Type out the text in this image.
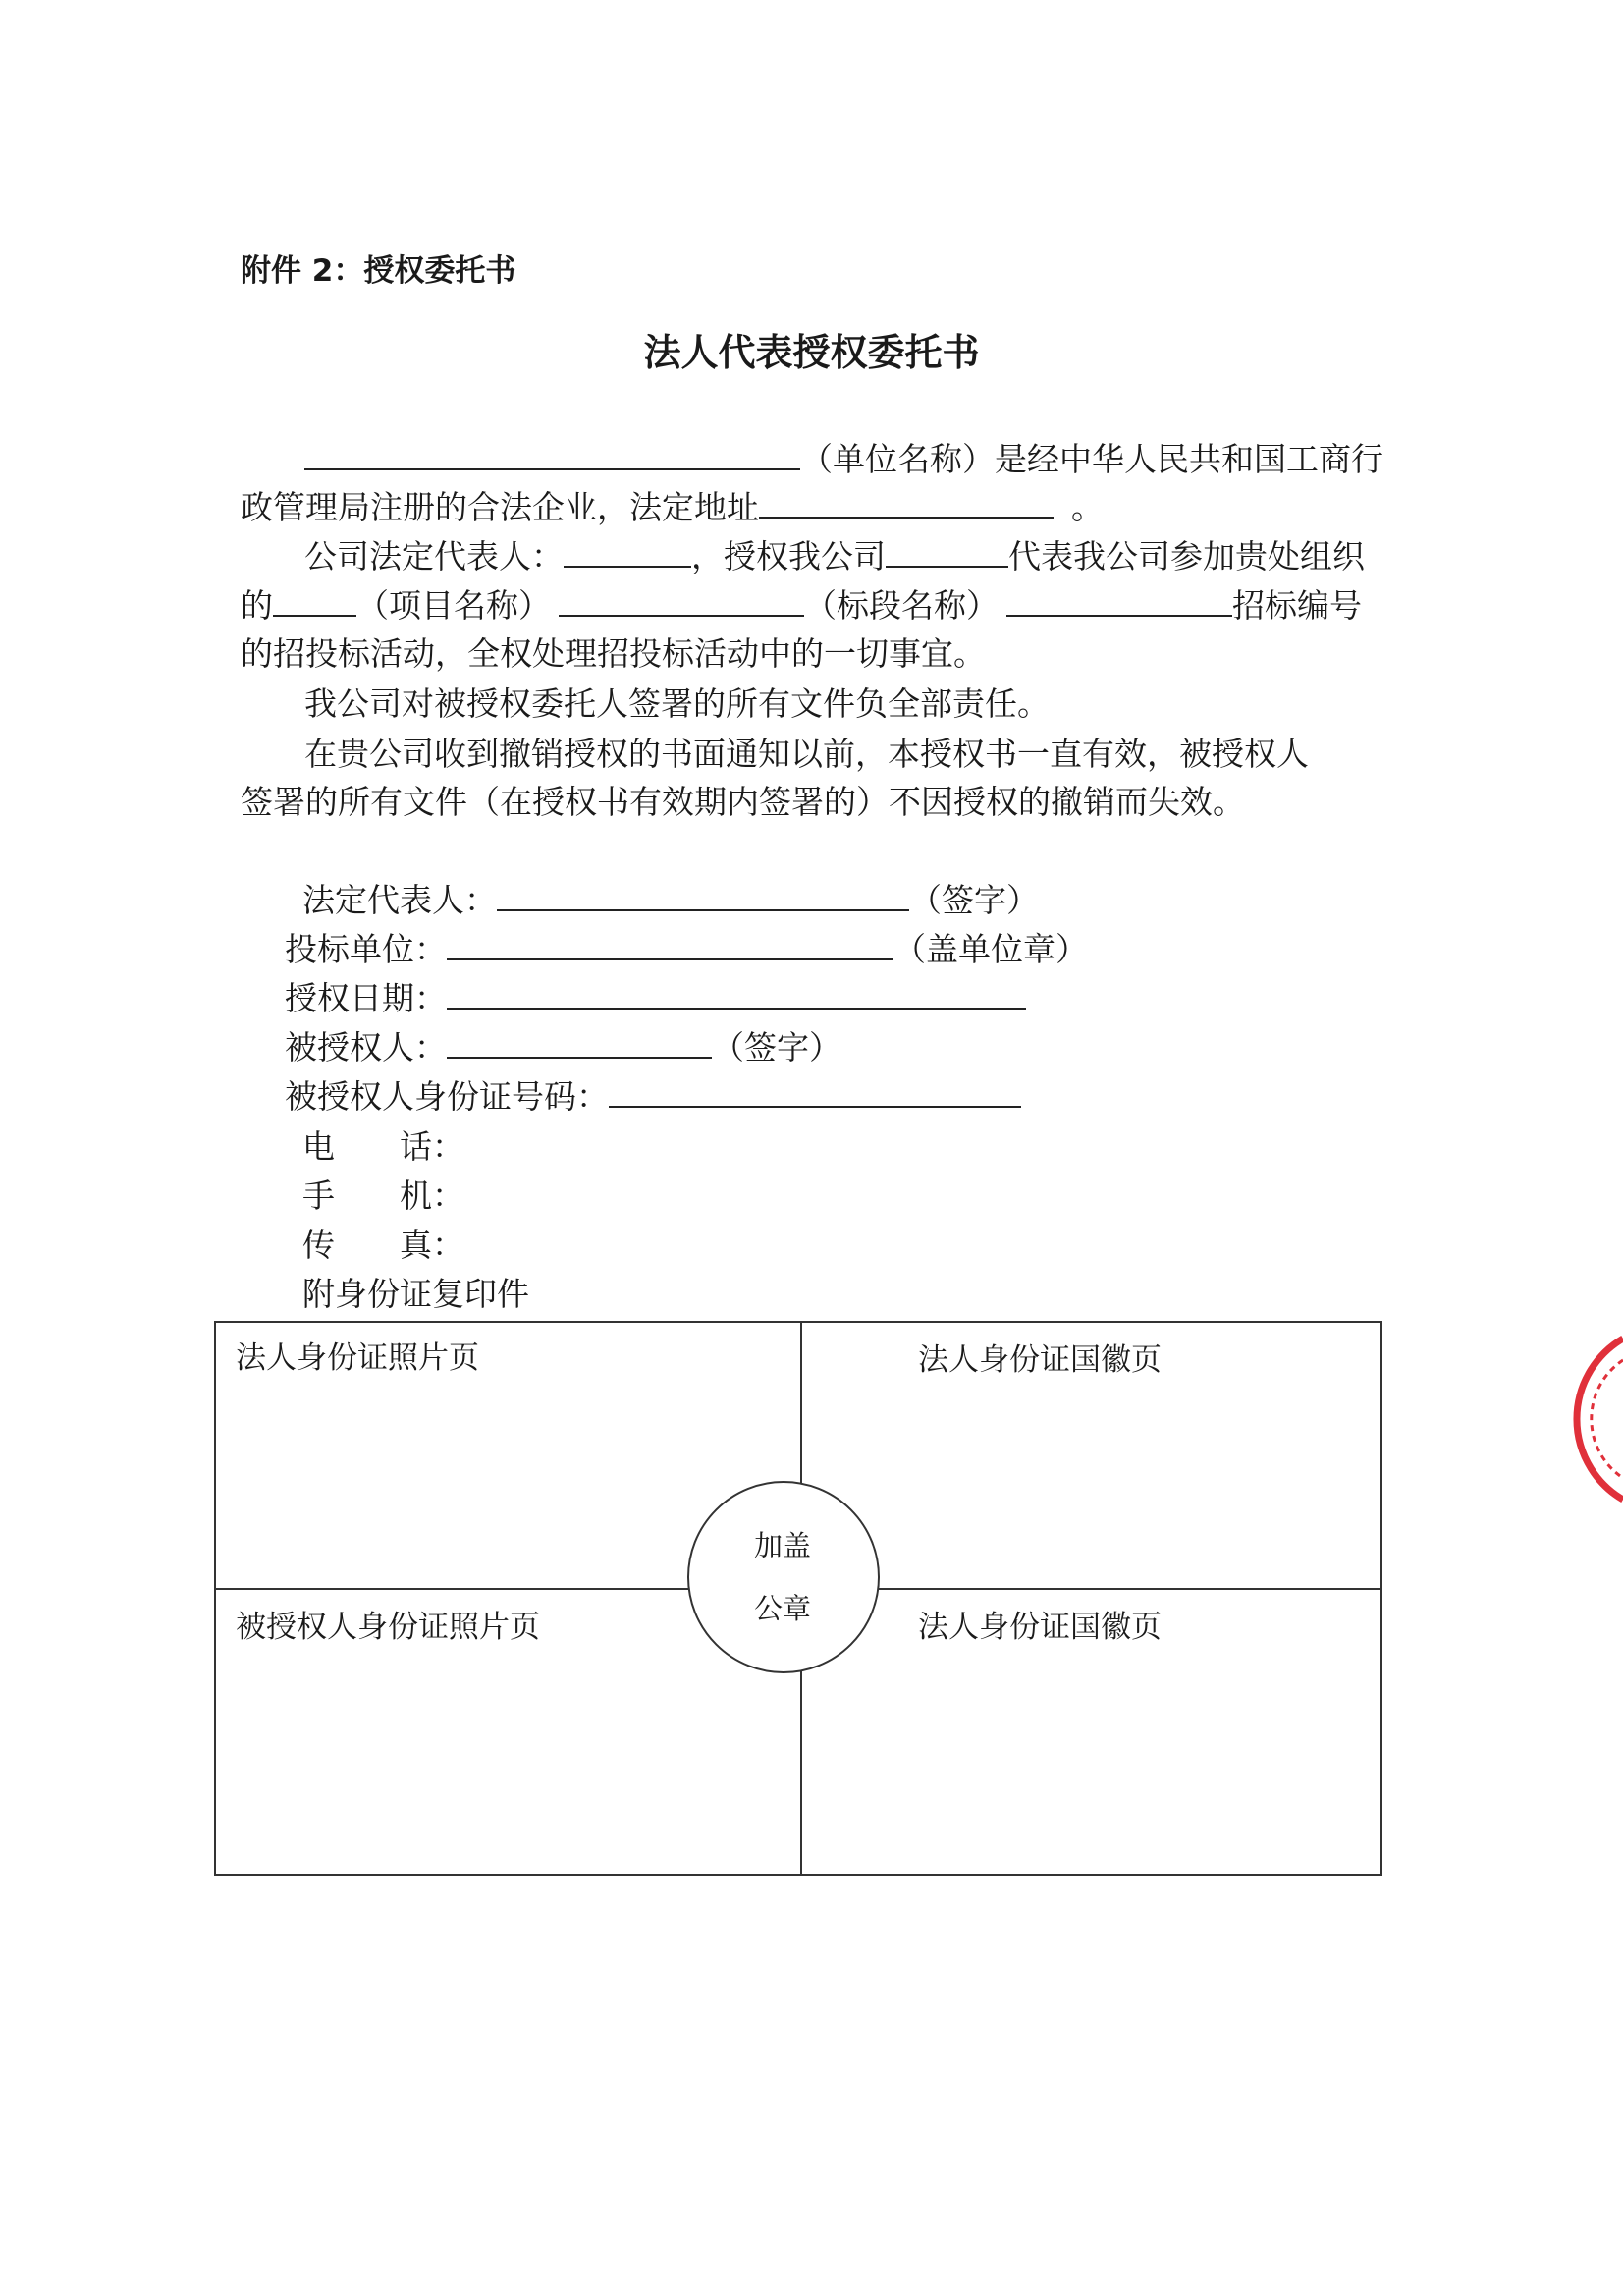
附件 2：授权委托书
法人代表授权委托书
（单位名称）是经中华人民共和国工商行
政管理局注册的合法企业，法定地址	。
公司法定代表人：	，授权我公司	代表我公司参加贵处组织
的	（项目名称）	（标段名称）	招标编号
的招投标活动，全权处理招投标活动中的一切事宜。
我公司对被授权委托人签署的所有文件负全部责任。
在贵公司收到撤销授权的书面通知以前，本授权书一直有效，被授权人
签署的所有文件（在授权书有效期内签署的）不因授权的撤销而失效。
法定代表人：	（签字）
投标单位：	（盖单位章）
授权日期：
被授权人：	（签字）
被授权人身份证号码：
电　　话：
手　　机：
传　　真：
附身份证复印件
法人身份证照片页	法人身份证国徽页
被授权人身份证照片页	法人身份证国徽页
加盖
公章
